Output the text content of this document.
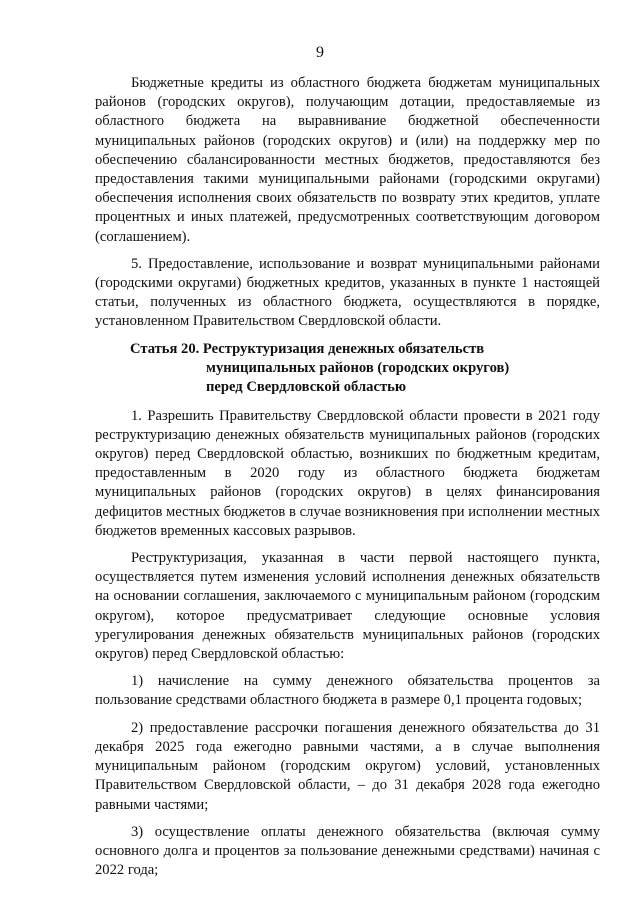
9

Бюджетные кредиты из областного бюджета бюджетам муниципальных районов (городских округов), получающим дотации, предоставляемые из областного бюджета на выравнивание бюджетной обеспеченности муниципальных районов (городских округов) и (или) на поддержку мер по обеспечению сбалансированности местных бюджетов, предоставляются без предоставления такими муниципальными районами (городскими округами) обеспечения исполнения своих обязательств по возврату этих кредитов, уплате процентных и иных платежей, предусмотренных соответствующим договором (соглашением).

5. Предоставление, использование и возврат муниципальными районами (городскими округами) бюджетных кредитов, указанных в пункте 1 настоящей статьи, полученных из областного бюджета, осуществляются в порядке, установленном Правительством Свердловской области.

Статья 20. Реструктуризация денежных обязательств
муниципальных районов (городских округов)
перед Свердловской областью

1. Разрешить Правительству Свердловской области провести в 2021 году реструктуризацию денежных обязательств муниципальных районов (городских округов) перед Свердловской областью, возникших по бюджетным кредитам, предоставленным в 2020 году из областного бюджета бюджетам муниципальных районов (городских округов) в целях финансирования дефицитов местных бюджетов в случае возникновения при исполнении местных бюджетов временных кассовых разрывов.

Реструктуризация, указанная в части первой настоящего пункта, осуществляется путем изменения условий исполнения денежных обязательств на основании соглашения, заключаемого с муниципальным районом (городским округом), которое предусматривает следующие основные условия урегулирования денежных обязательств муниципальных районов (городских округов) перед Свердловской областью:

1) начисление на сумму денежного обязательства процентов за пользование средствами областного бюджета в размере 0,1 процента годовых;

2) предоставление рассрочки погашения денежного обязательства до 31 декабря 2025 года ежегодно равными частями, а в случае выполнения муниципальным районом (городским округом) условий, установленных Правительством Свердловской области, – до 31 декабря 2028 года ежегодно равными частями;

3) осуществление оплаты денежного обязательства (включая сумму основного долга и процентов за пользование денежными средствами) начиная с 2022 года;
